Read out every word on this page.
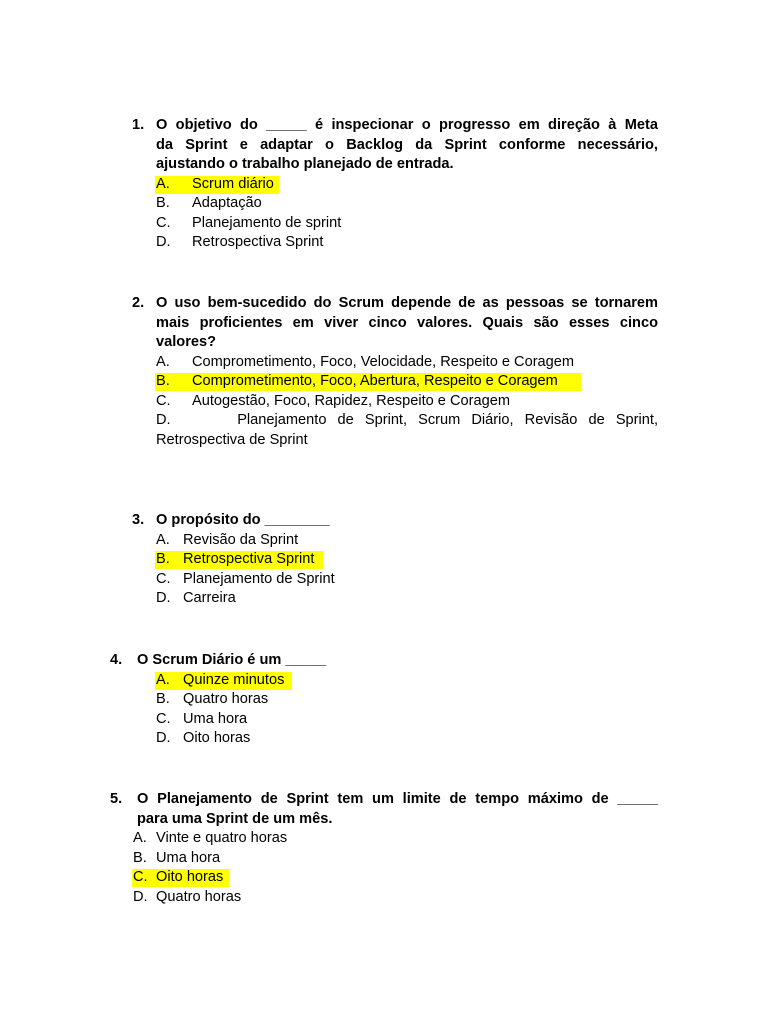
1. O objetivo do _____ é inspecionar o progresso em direção à Meta
da Sprint e adaptar o Backlog da Sprint conforme necessário,
ajustando o trabalho planejado de entrada.
A. Scrum diário
B. Adaptação
C. Planejamento de sprint
D. Retrospectiva Sprint
2. O uso bem-sucedido do Scrum depende de as pessoas se tornarem
mais proficientes em viver cinco valores. Quais são esses cinco
valores?
A. Comprometimento, Foco, Velocidade, Respeito e Coragem
B. Comprometimento, Foco, Abertura, Respeito e Coragem
C. Autogestão, Foco, Rapidez, Respeito e Coragem
D.	Planejamento de Sprint, Scrum Diário, Revisão de Sprint,
Retrospectiva de Sprint
3. O propósito do ________
A. Revisão da Sprint
B. Retrospectiva Sprint
C. Planejamento de Sprint
D. Carreira
4. O Scrum Diário é um _____
A. Quinze minutos
B. Quatro horas
C. Uma hora
D. Oito horas
5. O Planejamento de Sprint tem um limite de tempo máximo de _____
para uma Sprint de um mês.
A. Vinte e quatro horas
B. Uma hora
C. Oito horas
D. Quatro horas
